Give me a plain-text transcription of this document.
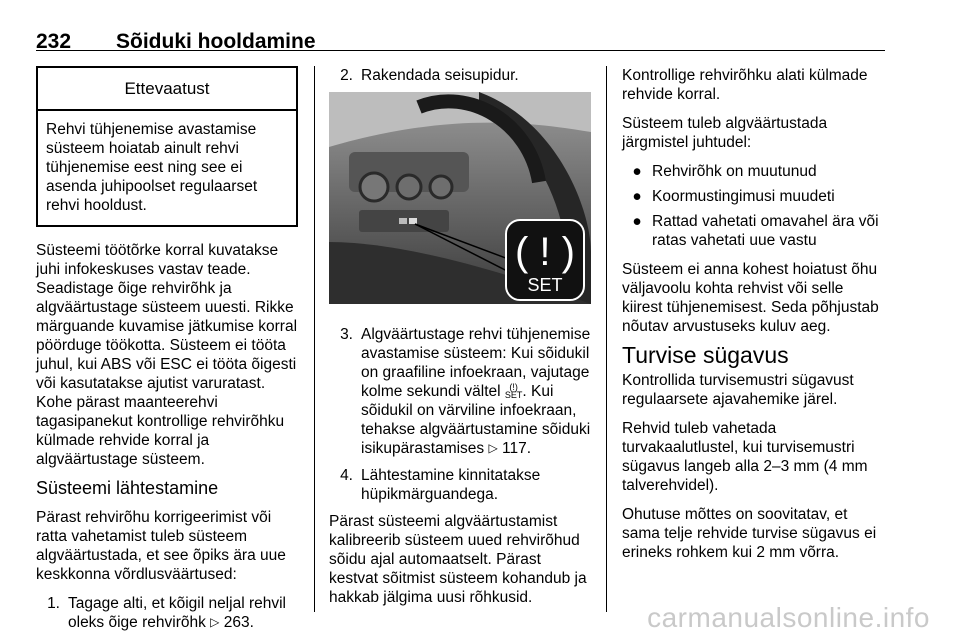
232 Sõiduki hooldamine
Ettevaatust
Rehvi tühjenemise avastamise süsteem hoiatab ainult rehvi tühjenemise eest ning see ei asenda juhipoolset regulaarset rehvi hooldust.

Süsteemi töötõrke korral kuvatakse juhi infokeskuses vastav teade. Seadistage õige rehvirõhk ja algväärtustage süsteem uuesti. Rikke märguande kuvamise jätkumise korral pöörduge töökotta. Süsteem ei tööta juhul, kui ABS või ESC ei tööta õigesti või kasutatakse ajutist varuratast. Kohe pärast maanteerehvi tagasipanekut kontrollige rehvirõhku külmade rehvide korral ja algväärtustage süsteem.

Süsteemi lähtestamine

Pärast rehvirõhu korrigeerimist või ratta vahetamist tuleb süsteem algväärtustada, et see õpiks ära uue keskkonna võrdlusväärtused:

1. Tagage alti, et kõigil neljal rehvil oleks õige rehvirõhk ▷ 263.
2. Rakendada seisupidur.
( ! )
SET
3. Algväärtustage rehvi tühjenemise avastamise süsteem: Kui sõidukil on graafiline infoekraan, vajutage kolme sekundi vältel (!)
SET. Kui sõidukil on värviline infoekraan, tehakse algväärtustamine sõiduki isikupärastamises ▷ 117.
4. Lähtestamine kinnitatakse hüpikmärguandega.

Pärast süsteemi algväärtustamist kalibreerib süsteem uued rehvirõhud sõidu ajal automaatselt. Pärast kestvat sõitmist süsteem kohandub ja hakkab jälgima uusi rõhkusid.

Kontrollige rehvirõhku alati külmade rehvide korral.

Süsteem tuleb algväärtustada järgmistel juhtudel:

● Rehvirõhk on muutunud
● Koormustingimusi muudeti
● Rattad vahetati omavahel ära või ratas vahetati uue vastu

Süsteem ei anna kohest hoiatust õhu väljavoolu kohta rehvist või selle kiirest tühjenemisest. Seda põhjustab nõutav arvustuseks kuluv aeg.

Turvise sügavus

Kontrollida turvisemustri sügavust regulaarsete ajavahemike järel.

Rehvid tuleb vahetada turvakaalutlustel, kui turvisemustri sügavus langeb alla 2–3 mm (4 mm talverehvidel).

Ohutuse mõttes on soovitatav, et sama telje rehvide turvise sügavus ei erineks rohkem kui 2 mm võrra.

carmanualsonline.info
